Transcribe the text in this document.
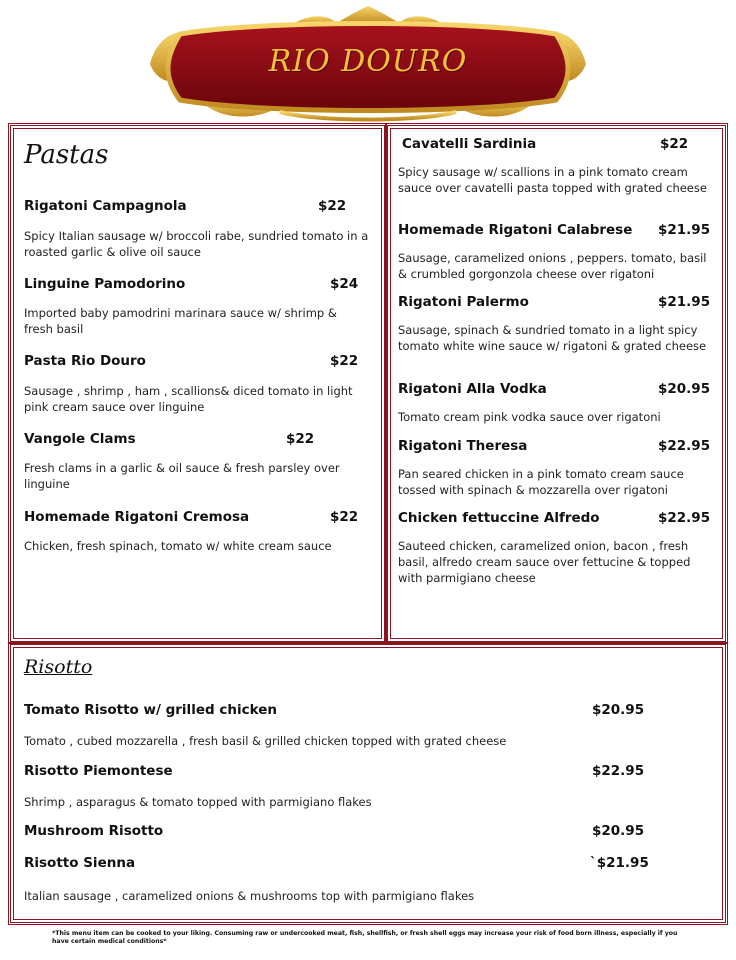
RIO DOURO
Pastas
Risotto
Rigatoni Campagnola	$22
Spicy Italian sausage w/ broccoli rabe, sundried tomato in a roasted garlic & olive oil sauce
Linguine Pamodorino	$24
Imported baby pamodrini marinara sauce w/ shrimp & fresh basil
Pasta Rio Douro	$22
Sausage , shrimp , ham , scallions& diced tomato in light pink cream sauce over linguine
Vangole Clams	$22
Fresh clams in a garlic & oil sauce & fresh parsley over linguine
Homemade Rigatoni Cremosa	$22
Chicken, fresh spinach, tomato w/ white cream sauce
Cavatelli Sardinia	$22
Spicy sausage w/ scallions in a pink tomato cream sauce over cavatelli pasta topped with grated cheese
Homemade Rigatoni Calabrese $21.95
Sausage, caramelized onions , peppers. tomato, basil & crumbled gorgonzola cheese over rigatoni
Rigatoni Palermo	$21.95
Sausage, spinach & sundried tomato in a light spicy tomato white wine sauce w/ rigatoni & grated cheese
Rigatoni Alla Vodka	$20.95
Tomato cream pink vodka sauce over rigatoni
Rigatoni Theresa	$22.95
Pan seared chicken in a pink tomato cream sauce tossed with spinach & mozzarella over rigatoni
Chicken fettuccine Alfredo	$22.95
Sauteed chicken, caramelized onion, bacon , fresh basil, alfredo cream sauce over fettucine & topped with parmigiano cheese
Tomato Risotto w/ grilled chicken	$20.95
Tomato , cubed mozzarella , fresh basil & grilled chicken topped with grated cheese
Risotto Piemontese	$22.95
Shrimp , asparagus & tomato topped with parmigiano flakes
Mushroom Risotto	$20.95
Risotto Sienna	`$21.95
Italian sausage , caramelized onions & mushrooms top with parmigiano flakes
*This menu item can be cooked to your liking. Consuming raw or undercooked meat, fish, shellfish, or fresh shell eggs may increase your risk of food born illness, especially if you have certain medical conditions*
